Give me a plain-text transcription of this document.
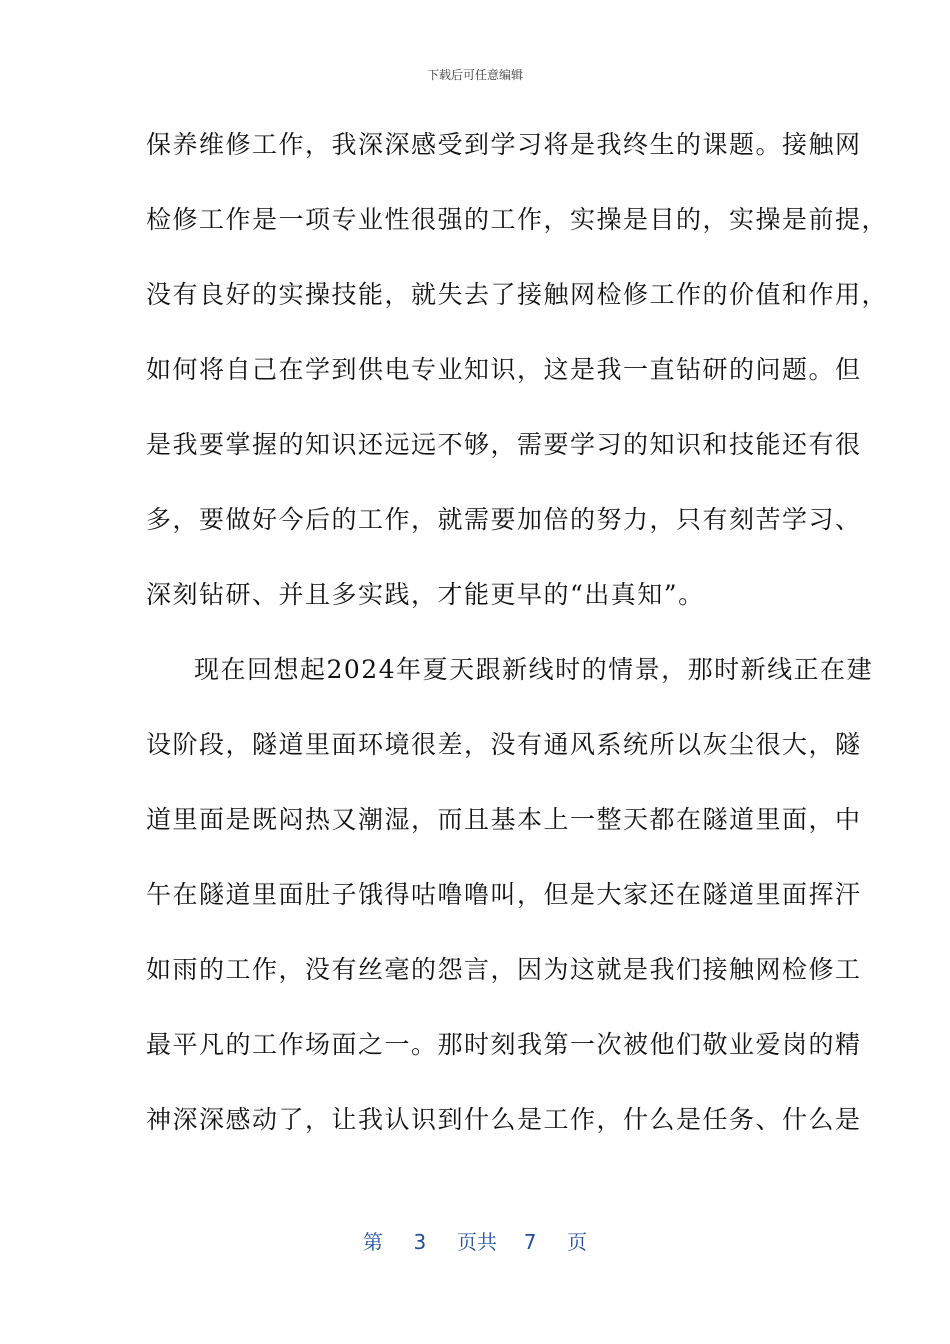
下载后可任意编辑
保养维修工作，我深深感受到学习将是我终生的课题。接触网
检修工作是一项专业性很强的工作，实操是目的，实操是前提，
没有良好的实操技能，就失去了接触网检修工作的价值和作用，
如何将自己在学到供电专业知识，这是我一直钻研的问题。但
是我要掌握的知识还远远不够，需要学习的知识和技能还有很
多，要做好今后的工作，就需要加倍的努力，只有刻苦学习、
深刻钻研、并且多实践，才能更早的“出真知”。
现在回想起2024年夏天跟新线时的情景，那时新线正在建
设阶段，隧道里面环境很差，没有通风系统所以灰尘很大，隧
道里面是既闷热又潮湿，而且基本上一整天都在隧道里面，中
午在隧道里面肚子饿得咕噜噜叫，但是大家还在隧道里面挥汗
如雨的工作，没有丝毫的怨言，因为这就是我们接触网检修工
最平凡的工作场面之一。那时刻我第一次被他们敬业爱岗的精
神深深感动了，让我认识到什么是工作，什么是任务、什么是
第 3 页共 7 页
